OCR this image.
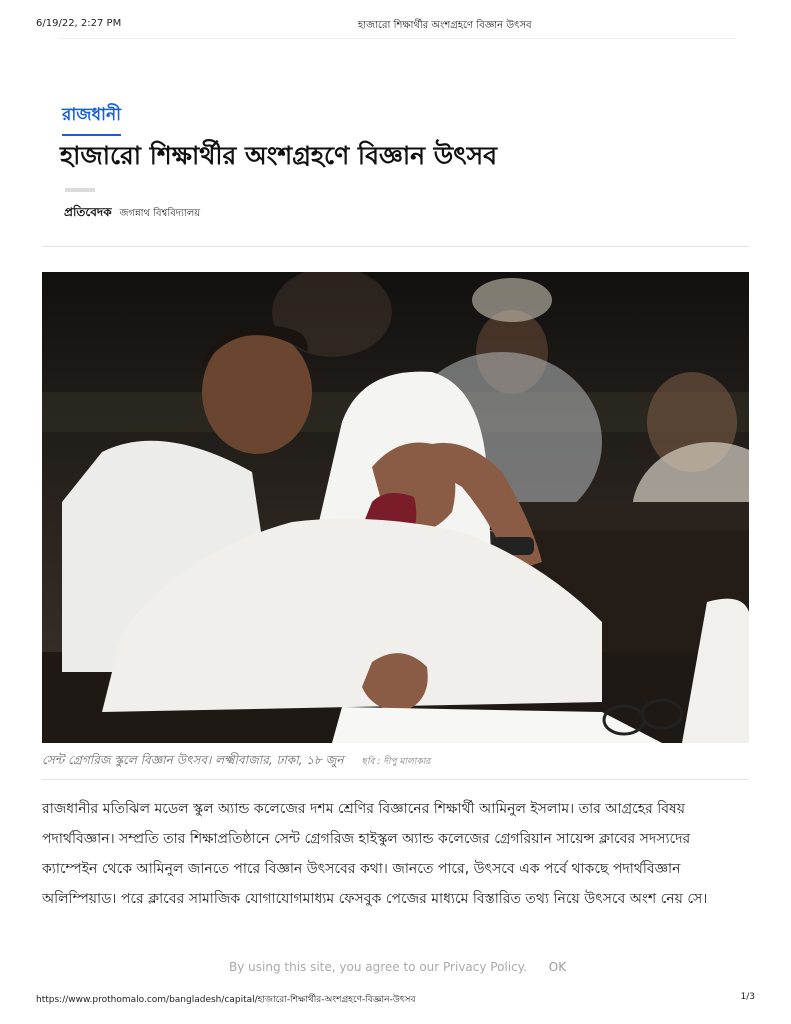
6/19/22, 2:27 PM	হাজারো শিক্ষার্থীর অংশগ্রহণে বিজ্ঞান উৎসব
রাজধানী
হাজারো শিক্ষার্থীর অংশগ্রহণে বিজ্ঞান উৎসব
প্রতিবেদক জগন্নাথ বিশ্ববিদ্যালয়
সেন্ট গ্রেগরিজ স্কুলে বিজ্ঞান উৎসব। লক্ষ্মীবাজার, ঢাকা, ১৮ জুন ছবি : দীপু মালাকার

রাজধানীর মতিঝিল মডেল স্কুল অ্যান্ড কলেজের দশম শ্রেণির বিজ্ঞানের শিক্ষার্থী আমিনুল ইসলাম। তার আগ্রহের বিষয় পদার্থবিজ্ঞান। সম্প্রতি তার শিক্ষাপ্রতিষ্ঠানে সেন্ট গ্রেগরিজ হাইস্কুল অ্যান্ড কলেজের গ্রেগরিয়ান সায়েন্স ক্লাবের সদস্যদের ক্যাম্পেইন থেকে আমিনুল জানতে পারে বিজ্ঞান উৎসবের কথা। জানতে পারে, উৎসবে এক পর্বে থাকছে পদার্থবিজ্ঞান অলিম্পিয়াড। পরে ক্লাবের সামাজিক যোগাযোগমাধ্যম ফেসবুক পেজের মাধ্যমে বিস্তারিত তথ্য নিয়ে উৎসবে অংশ নেয় সে।

By using this site, you agree to our Privacy Policy. OK
https://www.prothomalo.com/bangladesh/capital/হাজারো-শিক্ষার্থীর-অংশগ্রহণে-বিজ্ঞান-উৎসব	1/3
